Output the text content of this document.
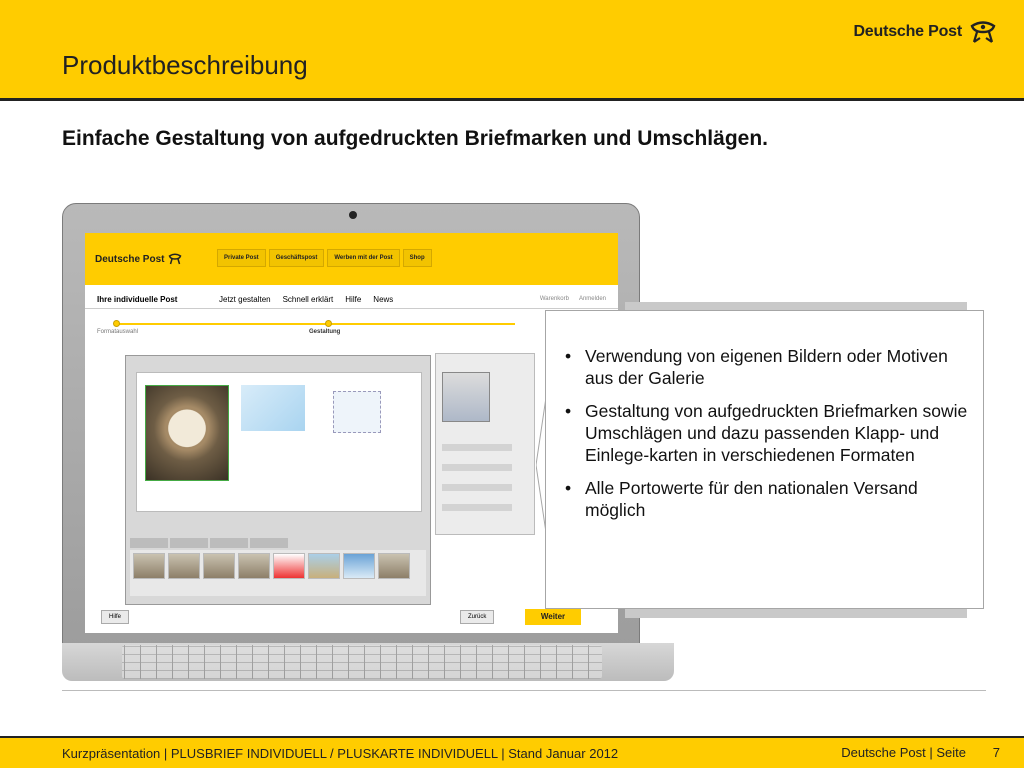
Produktbeschreibung
Deutsche Post
Einfache Gestaltung von aufgedruckten Briefmarken und Umschlägen.
Deutsche Post	Private Post	Geschäftspost	Werben mit der Post	Shop
Ihre individuelle Post	Jetzt gestalten Schnell erklärt Hilfe News	Warenkorb Anmelden
Formatauswahl	Gestaltung
Hilfe	Zurück	Weiter
• Verwendung von eigenen Bildern oder Motiven aus der Galerie
• Gestaltung von aufgedruckten Briefmarken sowie Umschlägen und dazu passenden Klapp- und Einlege-karten in verschiedenen Formaten
• Alle Portowerte für den nationalen Versand möglich
Kurzpräsentation | PLUSBRIEF INDIVIDUELL / PLUSKARTE INDIVIDUELL | Stand Januar 2012	Deutsche Post | Seite 7
